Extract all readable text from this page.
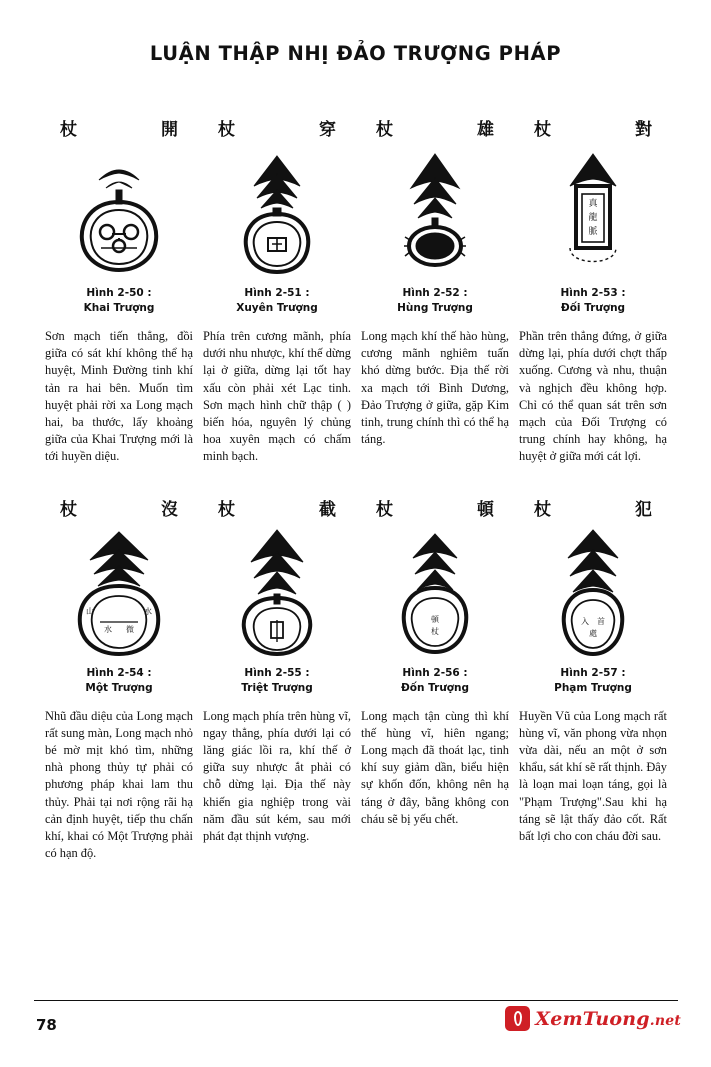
LUẬN THẬP NHỊ ĐẢO TRƯỢNG PHÁP
杖	開
Hình 2-50 :
Khai Trượng
Sơn mạch tiến thẳng, đồi giữa có sát khí không thể hạ huyệt, Minh Đường tinh khí tản ra hai bên. Muốn tìm huyệt phải rời xa Long mạch hai, ba thước, lấy khoảng giữa của Khai Trượng mới là tới huyền diệu.
杖	穿
Hình 2-51 :
Xuyên Trượng
Phía trên cương mãnh, phía dưới nhu nhược, khí thế dừng lại ở giữa, dừng lại tốt hay xấu còn phải xét Lạc tinh. Sơn mạch hình chữ thập ( ) biến hóa, nguyên lý chủng hoa xuyên mạch có chấm minh bạch.
杖	雄
Hình 2-52 :
Hùng Trượng
Long mạch khí thế hào hùng, cương mãnh nghiêm tuấn khó dừng bước. Địa thế rời xa mạch tới Bình Dương, Đảo Trượng ở giữa, gặp Kim tinh, trung chính thì có thể hạ táng.
杖	對
真
龍
脈
Hình 2-53 :
Đối Trượng
Phần trên thẳng đứng, ở giữa dừng lại, phía dưới chợt thấp xuống. Cương và nhu, thuận và nghịch đều không hợp. Chỉ có thể quan sát trên sơn mạch của Đối Trượng có trung chính hay không, hạ huyệt ở giữa mới cát lợi.
杖	沒
山	水
水 微
Hình 2-54 :
Một Trượng
Nhũ đầu diệu của Long mạch rất sung màn, Long mạch nhỏ bé mờ mịt khó tìm, những nhà phong thủy tự phải có phương pháp khai lam thu thủy. Phải tại nơi rộng rãi hạ cản định huyệt, tiếp thu chấn khí, khai có Một Trượng phải có hạn độ.
杖	截
Hình 2-55 :
Triệt Trượng
Long mạch phía trên hùng vĩ, ngay thẳng, phía dưới lại có lăng giác lồi ra, khí thế ở giữa suy nhược ắt phải có chỗ dừng lại. Địa thế này khiến gia nghiệp trong vài năm đầu sút kém, sau mới phát đạt thịnh vượng.
杖	頓
頓
杖
Hình 2-56 :
Đốn Trượng
Long mạch tận cùng thì khí thế hùng vĩ, hiên ngang; Long mạch đã thoát lạc, tinh khí suy giảm dần, biểu hiện sự khốn đốn, không nên hạ táng ở đây, bằng không con cháu sẽ bị yếu chết.
杖	犯
入 首
處
Hình 2-57 :
Phạm Trượng
Huyền Vũ của Long mạch rất hùng vĩ, văn phong vừa nhọn vừa dài, nếu an một ở sơn khẩu, sát khí sẽ rất thịnh. Đây là loạn mai loạn táng, gọi là "Phạm Trượng".Sau khi hạ táng sẽ lật thấy đảo cốt. Rất bất lợi cho con cháu đời sau.
78	XemTuong.net
